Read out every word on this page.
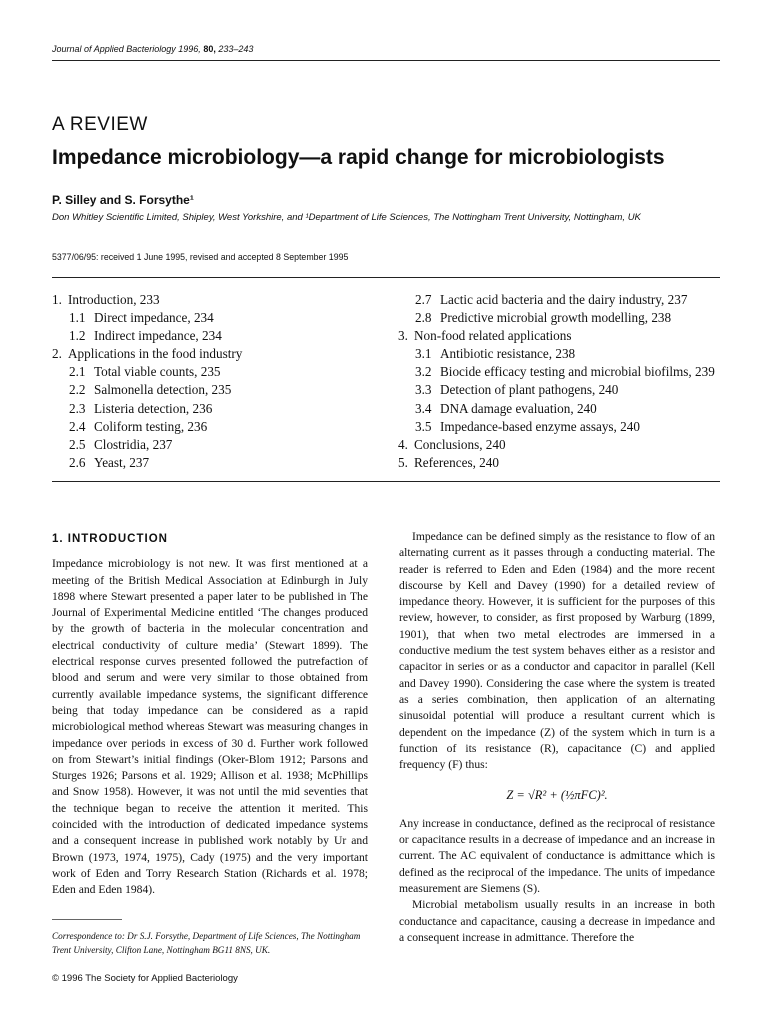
Journal of Applied Bacteriology 1996, 80, 233–243
A REVIEW
Impedance microbiology—a rapid change for microbiologists
P. Silley and S. Forsythe¹
Don Whitley Scientific Limited, Shipley, West Yorkshire, and ¹Department of Life Sciences, The Nottingham Trent University, Nottingham, UK
5377/06/95: received 1 June 1995, revised and accepted 8 September 1995
1. Introduction, 233
1.1 Direct impedance, 234
1.2 Indirect impedance, 234
2. Applications in the food industry
2.1 Total viable counts, 235
2.2 Salmonella detection, 235
2.3 Listeria detection, 236
2.4 Coliform testing, 236
2.5 Clostridia, 237
2.6 Yeast, 237
2.7 Lactic acid bacteria and the dairy industry, 237
2.8 Predictive microbial growth modelling, 238
3. Non-food related applications
3.1 Antibiotic resistance, 238
3.2 Biocide efficacy testing and microbial biofilms, 239
3.3 Detection of plant pathogens, 240
3.4 DNA damage evaluation, 240
3.5 Impedance-based enzyme assays, 240
4. Conclusions, 240
5. References, 240

1. INTRODUCTION

Impedance microbiology is not new. It was first mentioned at a meeting of the British Medical Association at Edinburgh in July 1898 where Stewart presented a paper later to be published in The Journal of Experimental Medicine entitled ‘The changes produced by the growth of bacteria in the molecular concentration and electrical conductivity of culture media’ (Stewart 1899). The electrical response curves presented followed the putrefaction of blood and serum and were very similar to those obtained from currently available impedance systems, the significant difference being that today impedance can be considered as a rapid microbiological method whereas Stewart was measuring changes in impedance over periods in excess of 30 d. Further work followed on from Stewart’s initial findings (Oker-Blom 1912; Parsons and Sturges 1926; Parsons et al. 1929; Allison et al. 1938; McPhillips and Snow 1958). However, it was not until the mid seventies that the technique began to receive the attention it merited. This coincided with the introduction of dedicated impedance systems and a consequent increase in published work notably by Ur and Brown (1973, 1974, 1975), Cady (1975) and the very important work of Eden and Torry Research Station (Richards et al. 1978; Eden and Eden 1984).

Impedance can be defined simply as the resistance to flow of an alternating current as it passes through a conducting material. The reader is referred to Eden and Eden (1984) and the more recent discourse by Kell and Davey (1990) for a detailed review of impedance theory. However, it is sufficient for the purposes of this review, however, to consider, as first proposed by Warburg (1899, 1901), that when two metal electrodes are immersed in a conductive medium the test system behaves either as a resistor and capacitor in series or as a conductor and capacitor in parallel (Kell and Davey 1990). Considering the case where the system is treated as a series combination, then application of an alternating sinusoidal potential will produce a resultant current which is dependent on the impedance (Z) of the system which in turn is a function of its resistance (R), capacitance (C) and applied frequency (F) thus:

Z = √R² + (½πFC)².

Any increase in conductance, defined as the reciprocal of resistance or capacitance results in a decrease of impedance and an increase in current. The AC equivalent of conductance is admittance which is defined as the reciprocal of the impedance. The units of impedance measurement are Siemens (S).

Microbial metabolism usually results in an increase in both conductance and capacitance, causing a decrease in impedance and a consequent increase in admittance. Therefore the

Correspondence to: Dr S.J. Forsythe, Department of Life Sciences, The Nottingham Trent University, Clifton Lane, Nottingham BG11 8NS, UK.
© 1996 The Society for Applied Bacteriology
